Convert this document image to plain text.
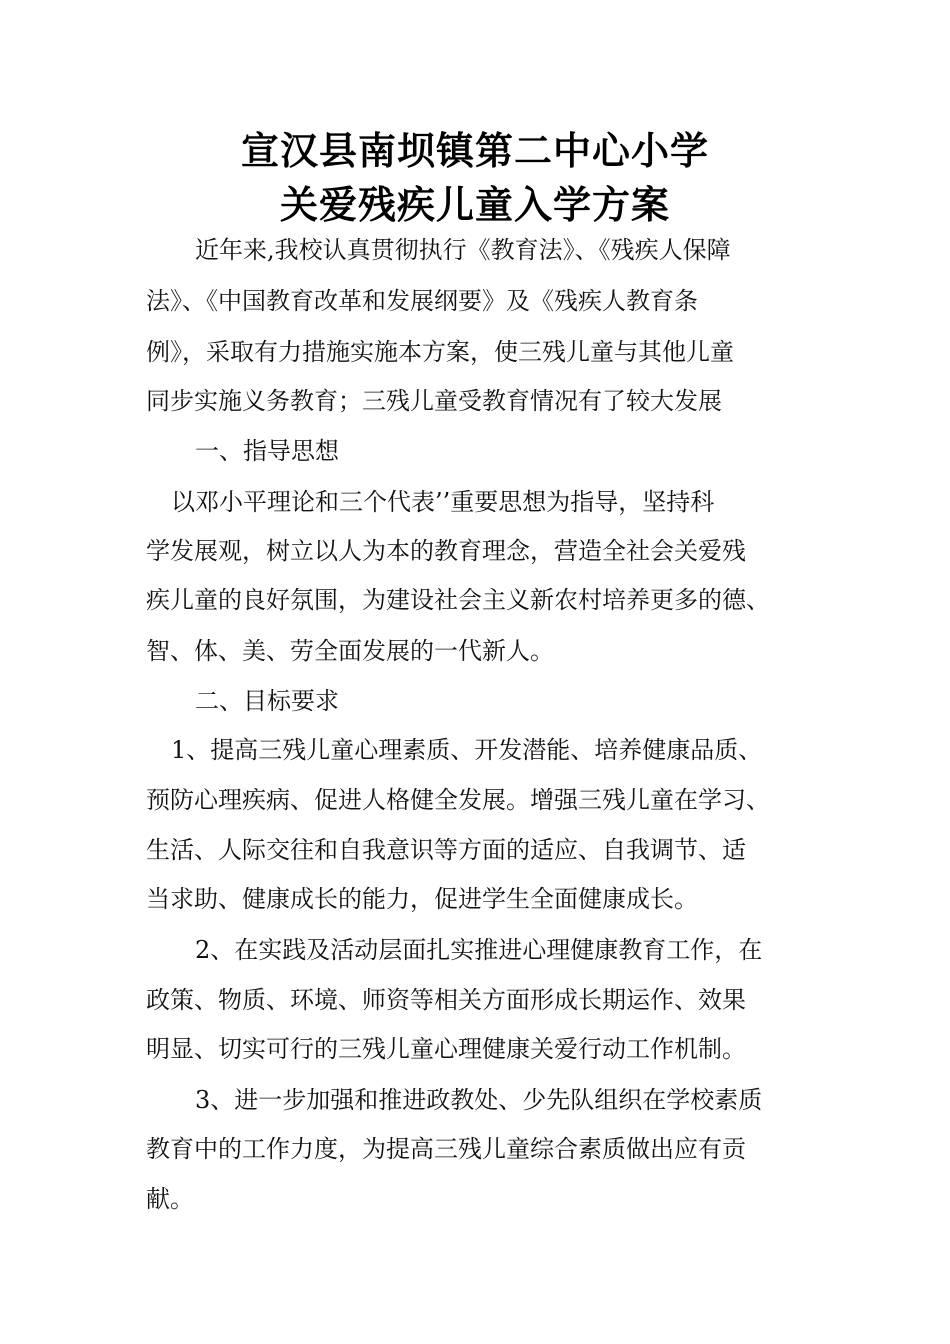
宣汉县南坝镇第二中心小学
关爱残疾儿童入学方案
近年来,我校认真贯彻执行《教育法》、《残疾人保障
法》、《中国教育改革和发展纲要》及《残疾人教育条
例》，采取有力措施实施本方案，使三残儿童与其他儿童
同步实施义务教育；三残儿童受教育情况有了较大发展
一、指导思想
以邓小平理论和三个代表’’重要思想为指导，坚持科
学发展观，树立以人为本的教育理念，营造全社会关爱残
疾儿童的良好氛围，为建设社会主义新农村培养更多的德、
智、体、美、劳全面发展的一代新人。
二、目标要求
1、提高三残儿童心理素质、开发潜能、培养健康品质、
预防心理疾病、促进人格健全发展。增强三残儿童在学习、
生活、人际交往和自我意识等方面的适应、自我调节、适
当求助、健康成长的能力，促进学生全面健康成长。
2、在实践及活动层面扎实推进心理健康教育工作，在
政策、物质、环境、师资等相关方面形成长期运作、效果
明显、切实可行的三残儿童心理健康关爱行动工作机制。
3、进一步加强和推进政教处、少先队组织在学校素质
教育中的工作力度，为提高三残儿童综合素质做出应有贡
献。
